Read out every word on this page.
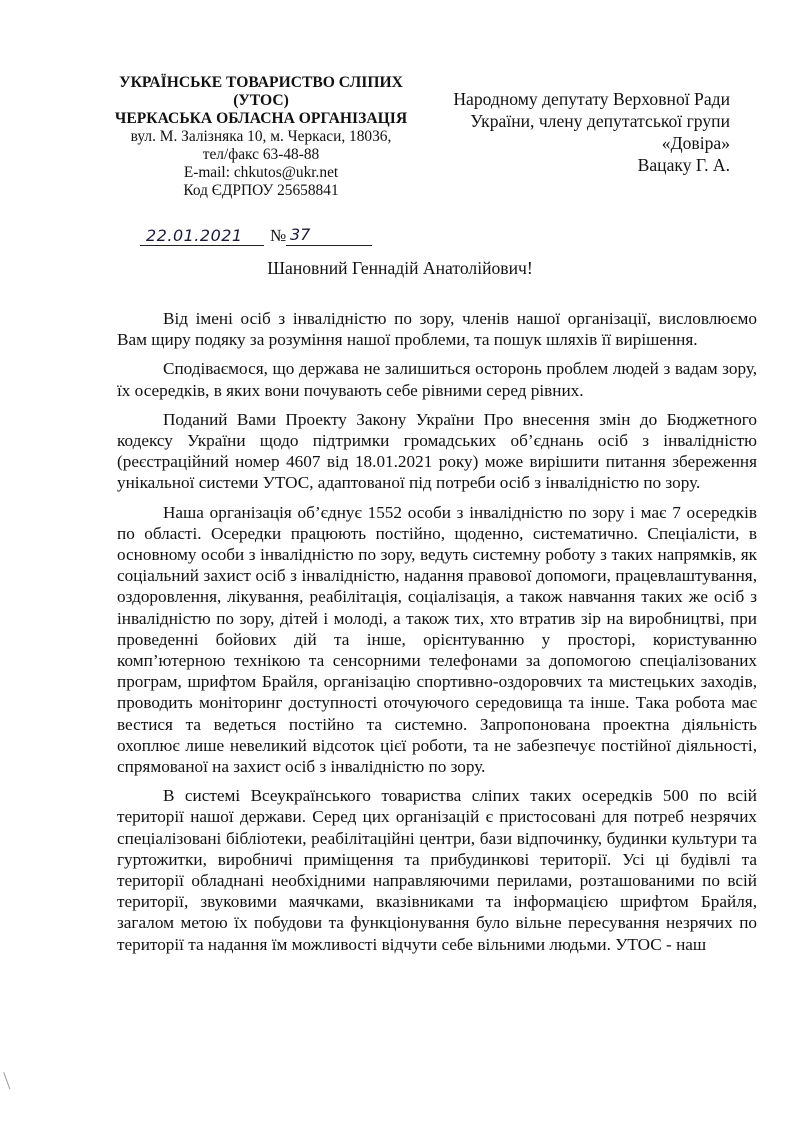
УКРАЇНСЬКЕ ТОВАРИСТВО СЛІПИХ
(УТОС)
ЧЕРКАСЬКА ОБЛАСНА ОРГАНІЗАЦІЯ
вул. М. Залізняка 10, м. Черкаси, 18036,
тел/факс 63-48-88
E-mail: chkutos@ukr.net
Код ЄДРПОУ 25658841
Народному депутату Верховної Ради
України, члену депутатської групи
«Довіра»
Вацаку Г. А.
22.01.2021 № 37
Шановний Геннадій Анатолійович!

Від імені осіб з інвалідністю по зору, членів нашої організації, висловлюємо Вам щиру подяку за розуміння нашої проблеми, та пошук шляхів її вирішення.

Сподіваємося, що держава не залишиться осторонь проблем людей з вадам зору, їх осередків, в яких вони почувають себе рівними серед рівних.

Поданий Вами Проекту Закону України Про внесення змін до Бюджетного кодексу України щодо підтримки громадських об’єднань осіб з інвалідністю (реєстраційний номер 4607 від 18.01.2021 року) може вирішити питання збереження унікальної системи УТОС, адаптованої під потреби осіб з інвалідністю по зору.

Наша організація об’єднує 1552 особи з інвалідністю по зору і має 7 осередків по області. Осередки працюють постійно, щоденно, систематично. Спеціалісти, в основному особи з інвалідністю по зору, ведуть системну роботу з таких напрямків, як соціальний захист осіб з інвалідністю, надання правової допомоги, працевлаштування, оздоровлення, лікування, реабілітація, соціалізація, а також навчання таких же осіб з інвалідністю по зору, дітей і молоді, а також тих, хто втратив зір на виробництві, при проведенні бойових дій та інше, орієнтуванню у просторі, користуванню комп’ютерною технікою та сенсорними телефонами за допомогою спеціалізованих програм, шрифтом Брайля, організацію спортивно-оздоровчих та мистецьких заходів, проводить моніторинг доступності оточуючого середовища та інше. Така робота має вестися та ведеться постійно та системно. Запропонована проектна діяльність охоплює лише невеликий відсоток цієї роботи, та не забезпечує постійної діяльності, спрямованої на захист осіб з інвалідністю по зору.

В системі Всеукраїнського товариства сліпих таких осередків 500 по всій території нашої держави. Серед цих організацій є пристосовані для потреб незрячих спеціалізовані бібліотеки, реабілітаційні центри, бази відпочинку, будинки культури та гуртожитки, виробничі приміщення та прибудинкові території. Усі ці будівлі та території обладнані необхідними направляючими перилами, розташованими по всій території, звуковими маячками, вказівниками та інформацією шрифтом Брайля, загалом метою їх побудови та функціонування було вільне пересування незрячих по території та надання їм можливості відчути себе вільними людьми. УТОС - наш
